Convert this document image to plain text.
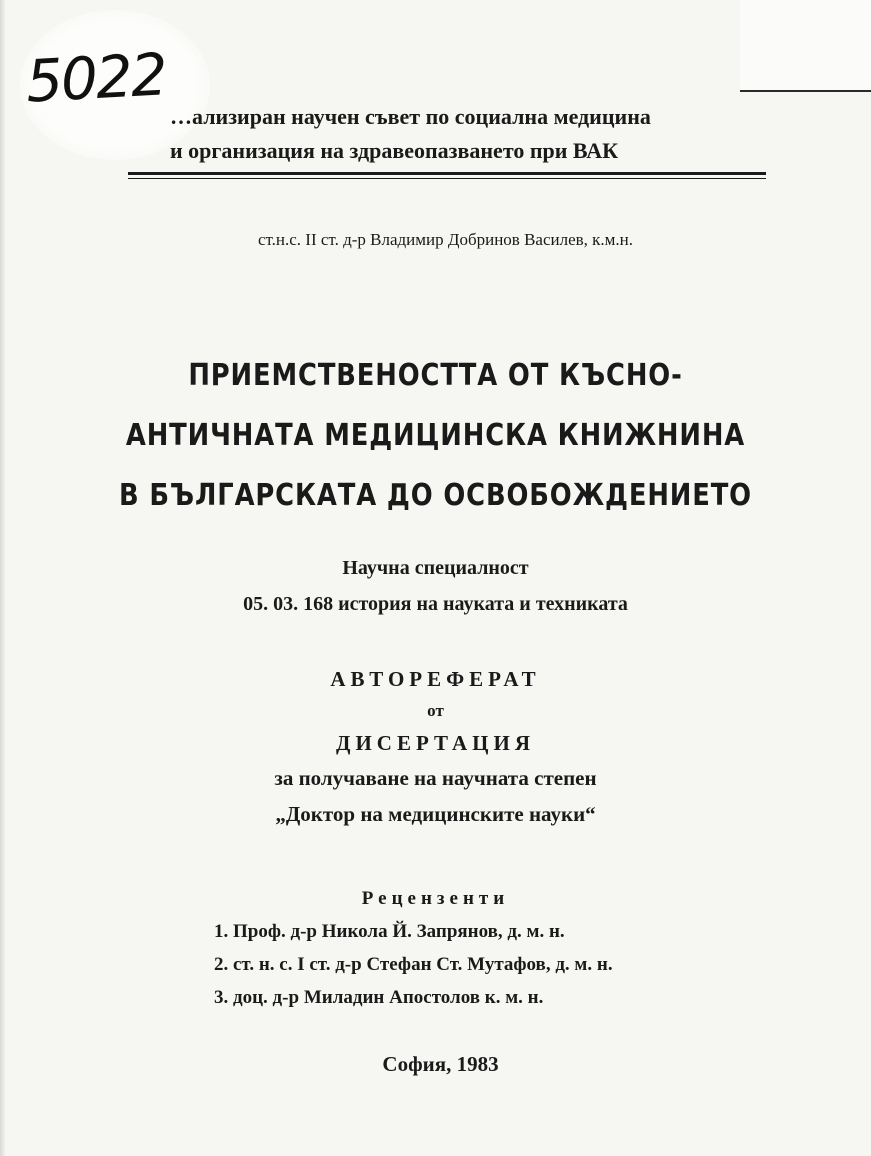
5022
…ализиран научен съвет по социална медицина
и организация на здравеопазването при ВАК
ст.н.с. II ст. д-р Владимир Добринов Василев, к.м.н.
ПРИЕМСТВЕНОСТТА ОТ КЪСНО-
АНТИЧНАТА МЕДИЦИНСКА КНИЖНИНА
В БЪЛГАРСКАТА ДО ОСВОБОЖДЕНИЕТО
Научна специалност
05. 03. 168 история на науката и техниката
АВТОРЕФЕРАТ
от
ДИСЕРТАЦИЯ
за получаване на научната степен
„Доктор на медицинските науки“
Рецензенти
1. Проф. д-р Никола Й. Запрянов, д. м. н.
2. ст. н. с. I ст. д-р Стефан Ст. Мутафов, д. м. н.
3. доц. д-р Миладин Апостолов к. м. н.
София, 1983
